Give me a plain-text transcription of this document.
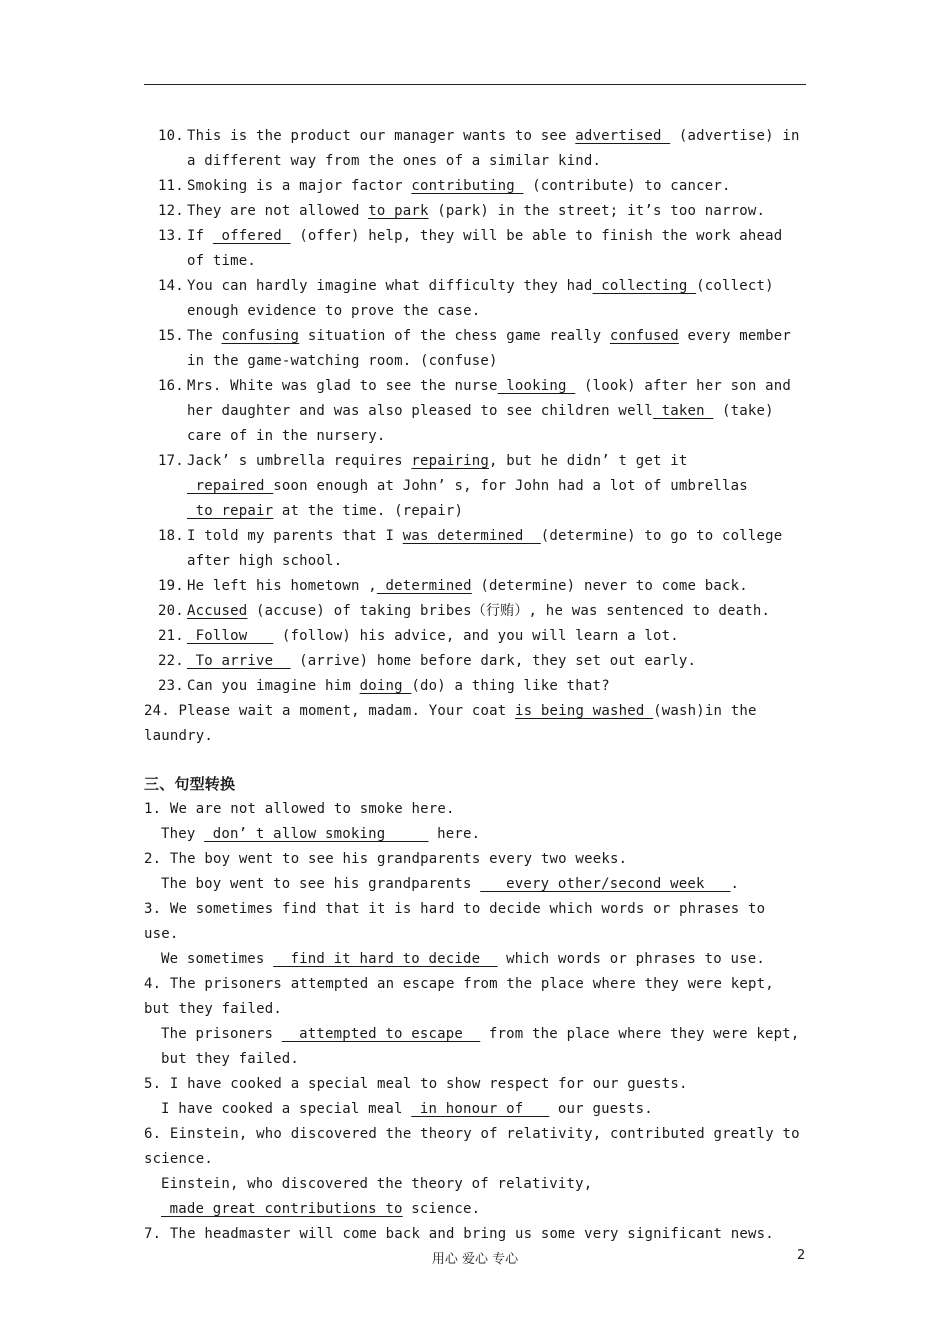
10. This is the product our manager wants to see advertised  (advertise) in a different way from the ones of a similar kind.
11. Smoking is a major factor contributing  (contribute) to cancer.
12. They are not allowed to park (park) in the street; it’s too narrow.
13. If  offered  (offer) help, they will be able to finish the work ahead of time.
14. You can hardly imagine what difficulty they had collecting (collect) enough evidence to prove the case.
15. The confusing situation of the chess game really confused every member in the game-watching room. (confuse)
16. Mrs. White was glad to see the nurse looking  (look) after her son and her daughter and was also pleased to see children well taken  (take) care of in the nursery.
17. Jack’ s umbrella requires repairing, but he didn’ t get it repaired soon enough at John’ s, for John had a lot of umbrellas to repair at the time. (repair)
18. I told my parents that I was determined  (determine) to go to college after high school.
19. He left his hometown , determined (determine) never to come back.
20. Accused (accuse) of taking bribes（行贿）, he was sentenced to death.
21. Follow    (follow) his advice, and you will learn a lot.
22. To arrive   (arrive) home before dark, they set out early.
23. Can you imagine him doing (do) a thing like that?
24. Please wait a moment, madam. Your coat is being washed (wash)in the laundry.
三、句型转换
1. We are not allowed to smoke here.
They  don’ t allow smoking      here.
2. The boy went to see his grandparents every two weeks.
The boy went to see his grandparents    every other/second week   .
3. We sometimes find that it is hard to decide which words or phrases to use.
We sometimes   find it hard to decide   which words or phrases to use.
4. The prisoners attempted an escape from the place where they were kept, but they failed.
The prisoners   attempted to escape   from the place where they were kept, but they failed.
5. I have cooked a special meal to show respect for our guests.
I have cooked a special meal  in honour of    our guests.
6. Einstein, who discovered the theory of relativity, contributed greatly to science.
Einstein, who discovered the theory of relativity,  made great contributions to science.
7. The headmaster will come back and bring us some very significant news.
用心 爱心 专心	2
